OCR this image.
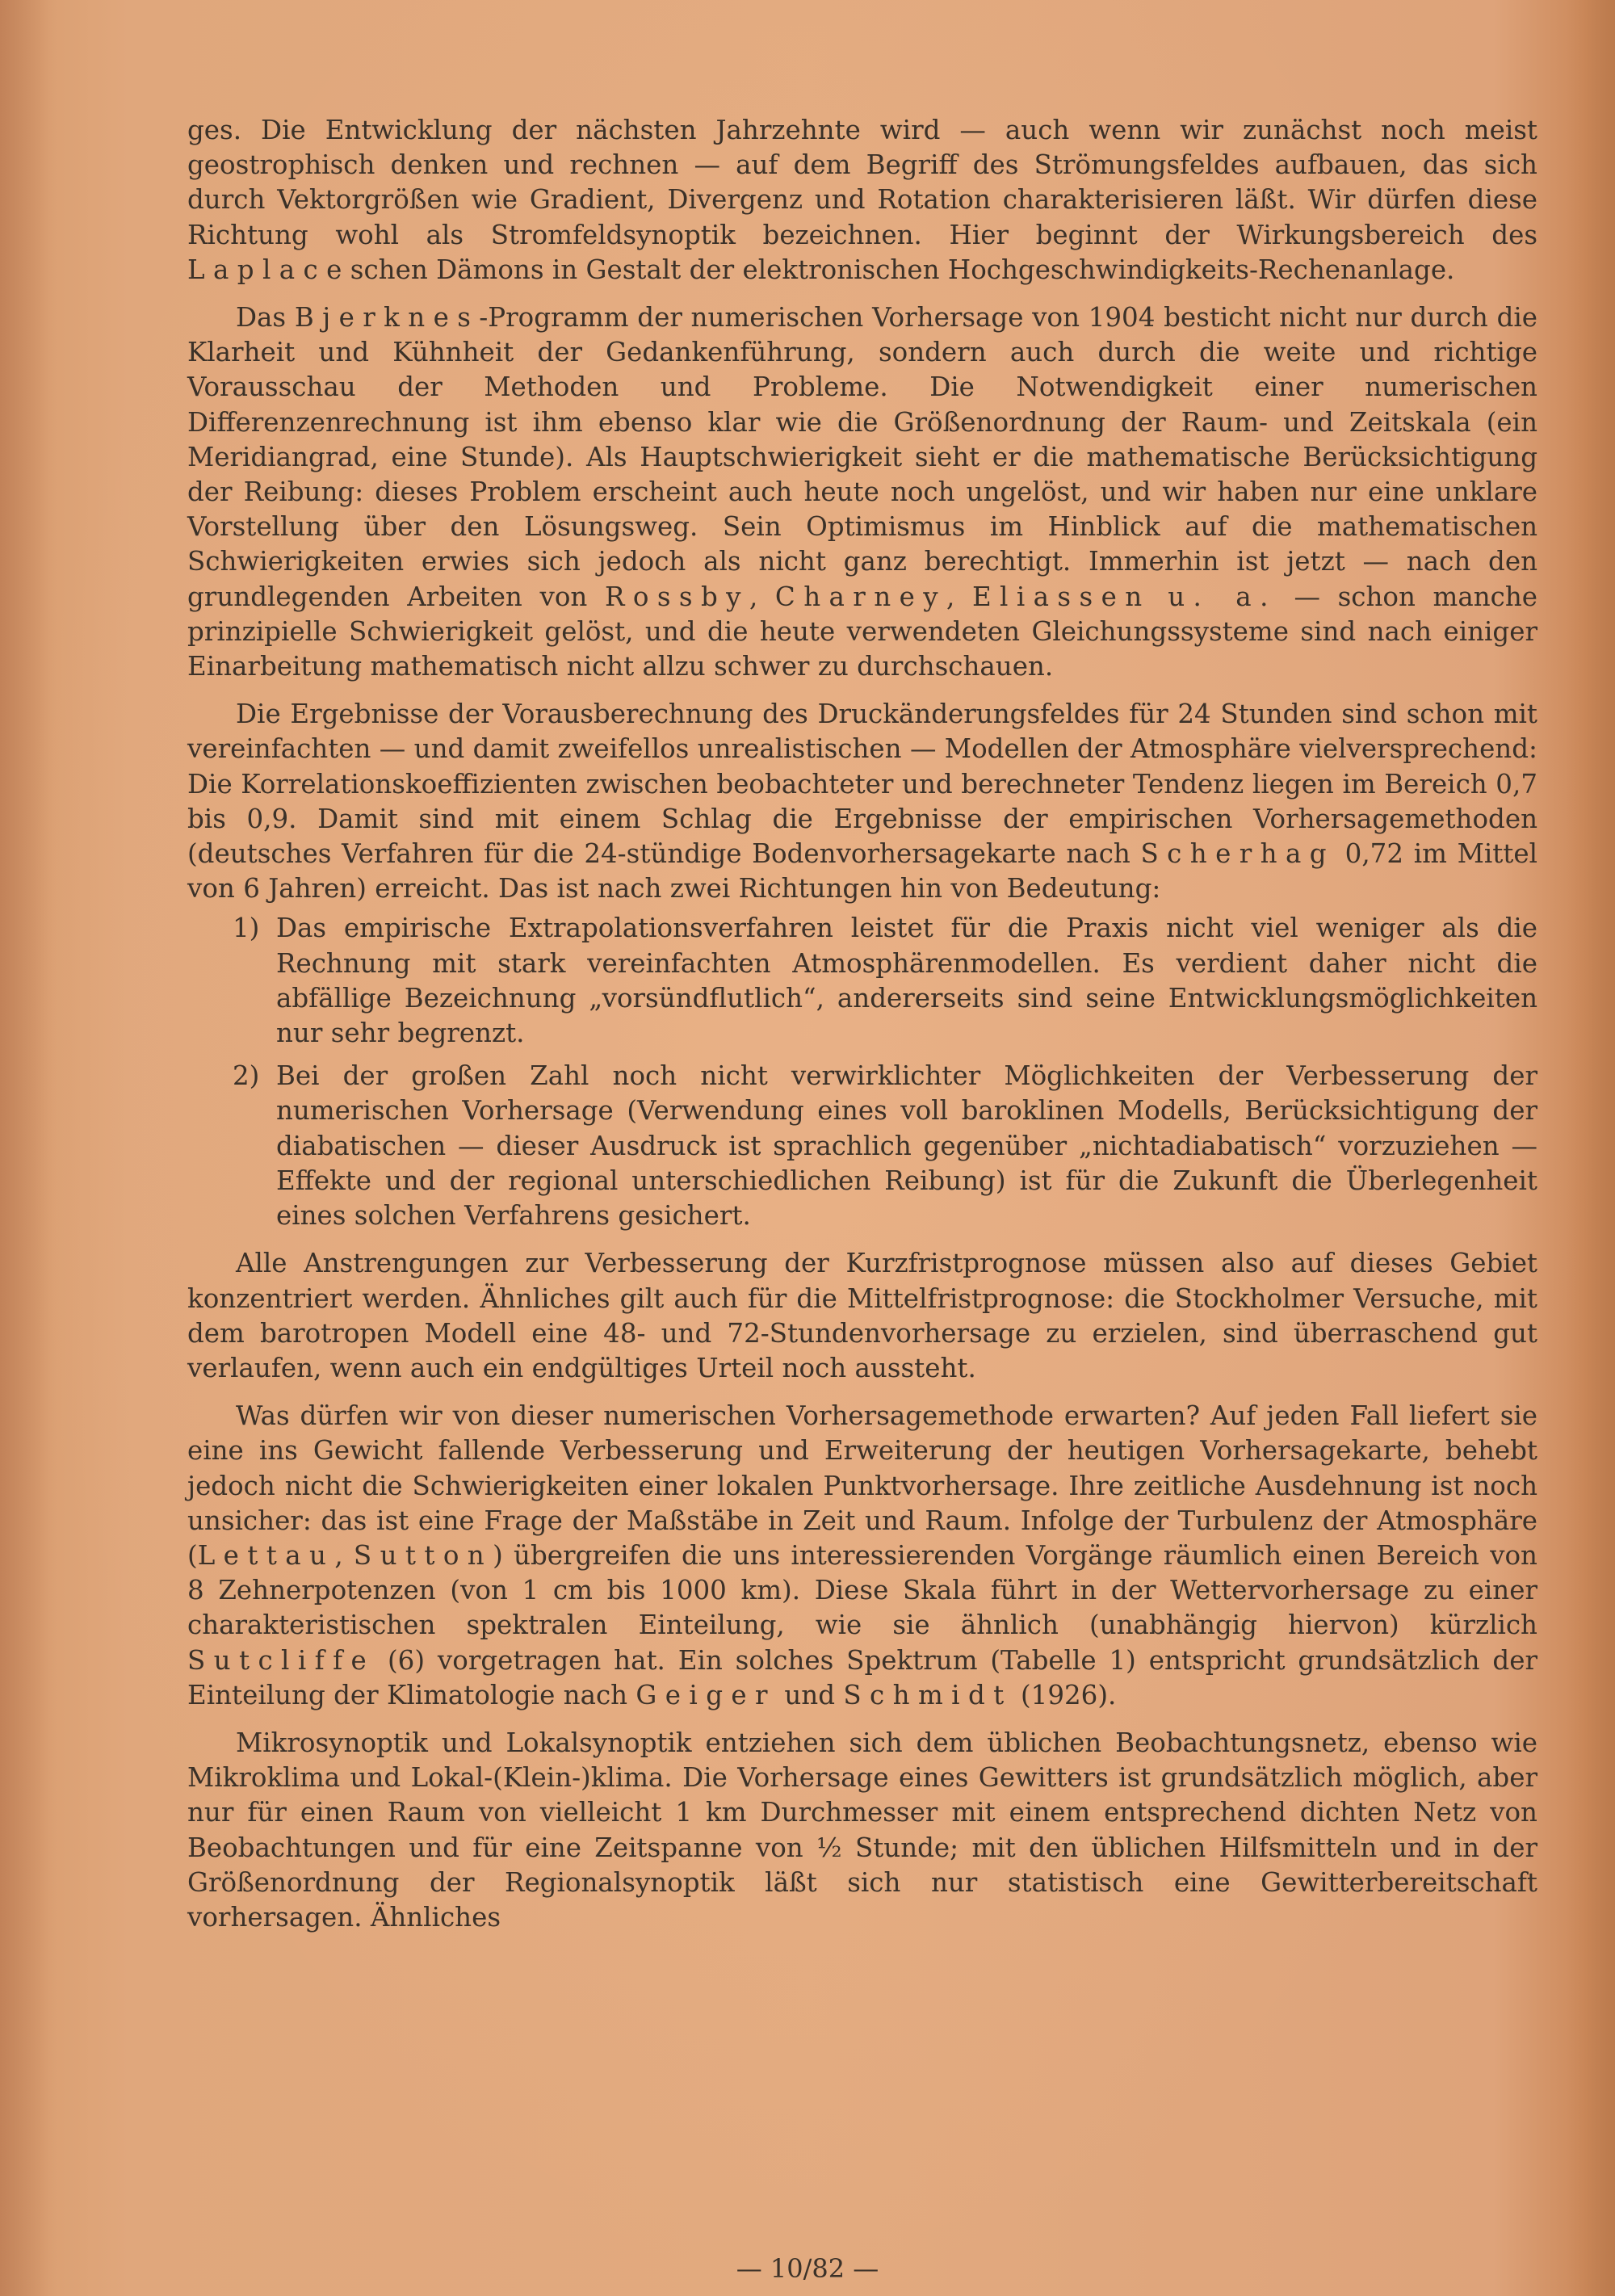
ges. Die Entwicklung der nächsten Jahrzehnte wird — auch wenn wir zunächst noch meist geostrophisch denken und rechnen — auf dem Begriff des Strömungsfeldes aufbauen, das sich durch Vektorgrößen wie Gradient, Divergenz und Rotation charakterisieren läßt. Wir dürfen diese Richtung wohl als Stromfeldsynoptik bezeichnen. Hier beginnt der Wirkungsbereich des Laplaceschen Dämons in Gestalt der elektronischen Hochgeschwindigkeits-Rechenanlage.

Das Bjerknes-Programm der numerischen Vorhersage von 1904 besticht nicht nur durch die Klarheit und Kühnheit der Gedankenführung, sondern auch durch die weite und richtige Vorausschau der Methoden und Probleme. Die Notwendigkeit einer numerischen Differenzenrechnung ist ihm ebenso klar wie die Größenordnung der Raum- und Zeitskala (ein Meridiangrad, eine Stunde). Als Hauptschwierigkeit sieht er die mathematische Berücksichtigung der Reibung: dieses Problem erscheint auch heute noch ungelöst, und wir haben nur eine unklare Vorstellung über den Lösungsweg. Sein Optimismus im Hinblick auf die mathematischen Schwierigkeiten erwies sich jedoch als nicht ganz berechtigt. Immerhin ist jetzt — nach den grundlegenden Arbeiten von Rossby, Charney, Eliassen u. a. — schon manche prinzipielle Schwierigkeit gelöst, und die heute verwendeten Gleichungssysteme sind nach einiger Einarbeitung mathematisch nicht allzu schwer zu durchschauen.

Die Ergebnisse der Vorausberechnung des Druckänderungsfeldes für 24 Stunden sind schon mit vereinfachten — und damit zweifellos unrealistischen — Modellen der Atmosphäre vielversprechend: Die Korrelationskoeffizienten zwischen beobachteter und berechneter Tendenz liegen im Bereich 0,7 bis 0,9. Damit sind mit einem Schlag die Ergebnisse der empirischen Vorhersagemethoden (deutsches Verfahren für die 24-stündige Bodenvorhersagekarte nach Scherhag 0,72 im Mittel von 6 Jahren) erreicht. Das ist nach zwei Richtungen hin von Bedeutung:

1) Das empirische Extrapolationsverfahren leistet für die Praxis nicht viel weniger als die Rechnung mit stark vereinfachten Atmosphärenmodellen. Es verdient daher nicht die abfällige Bezeichnung „vorsündflutlich“, andererseits sind seine Entwicklungsmöglichkeiten nur sehr begrenzt.
2) Bei der großen Zahl noch nicht verwirklichter Möglichkeiten der Verbesserung der numerischen Vorhersage (Verwendung eines voll baroklinen Modells, Berücksichtigung der diabatischen — dieser Ausdruck ist sprachlich gegenüber „nichtadiabatisch“ vorzuziehen — Effekte und der regional unterschiedlichen Reibung) ist für die Zukunft die Überlegenheit eines solchen Verfahrens gesichert.

Alle Anstrengungen zur Verbesserung der Kurzfristprognose müssen also auf dieses Gebiet konzentriert werden. Ähnliches gilt auch für die Mittelfristprognose: die Stockholmer Versuche, mit dem barotropen Modell eine 48- und 72-Stundenvorhersage zu erzielen, sind überraschend gut verlaufen, wenn auch ein endgültiges Urteil noch aussteht.

Was dürfen wir von dieser numerischen Vorhersagemethode erwarten? Auf jeden Fall liefert sie eine ins Gewicht fallende Verbesserung und Erweiterung der heutigen Vorhersagekarte, behebt jedoch nicht die Schwierigkeiten einer lokalen Punktvorhersage. Ihre zeitliche Ausdehnung ist noch unsicher: das ist eine Frage der Maßstäbe in Zeit und Raum. Infolge der Turbulenz der Atmosphäre (Lettau, Sutton) übergreifen die uns interessierenden Vorgänge räumlich einen Bereich von 8 Zehnerpotenzen (von 1 cm bis 1000 km). Diese Skala führt in der Wettervorhersage zu einer charakteristischen spektralen Einteilung, wie sie ähnlich (unabhängig hiervon) kürzlich Sutcliffe (6) vorgetragen hat. Ein solches Spektrum (Tabelle 1) entspricht grundsätzlich der Einteilung der Klimatologie nach Geiger und Schmidt (1926).

Mikrosynoptik und Lokalsynoptik entziehen sich dem üblichen Beobachtungsnetz, ebenso wie Mikroklima und Lokal-(Klein-)klima. Die Vorhersage eines Gewitters ist grundsätzlich möglich, aber nur für einen Raum von vielleicht 1 km Durchmesser mit einem entsprechend dichten Netz von Beobachtungen und für eine Zeitspanne von ½ Stunde; mit den üblichen Hilfsmitteln und in der Größenordnung der Regionalsynoptik läßt sich nur statistisch eine Gewitterbereitschaft vorhersagen. Ähnliches

— 10/82 —
